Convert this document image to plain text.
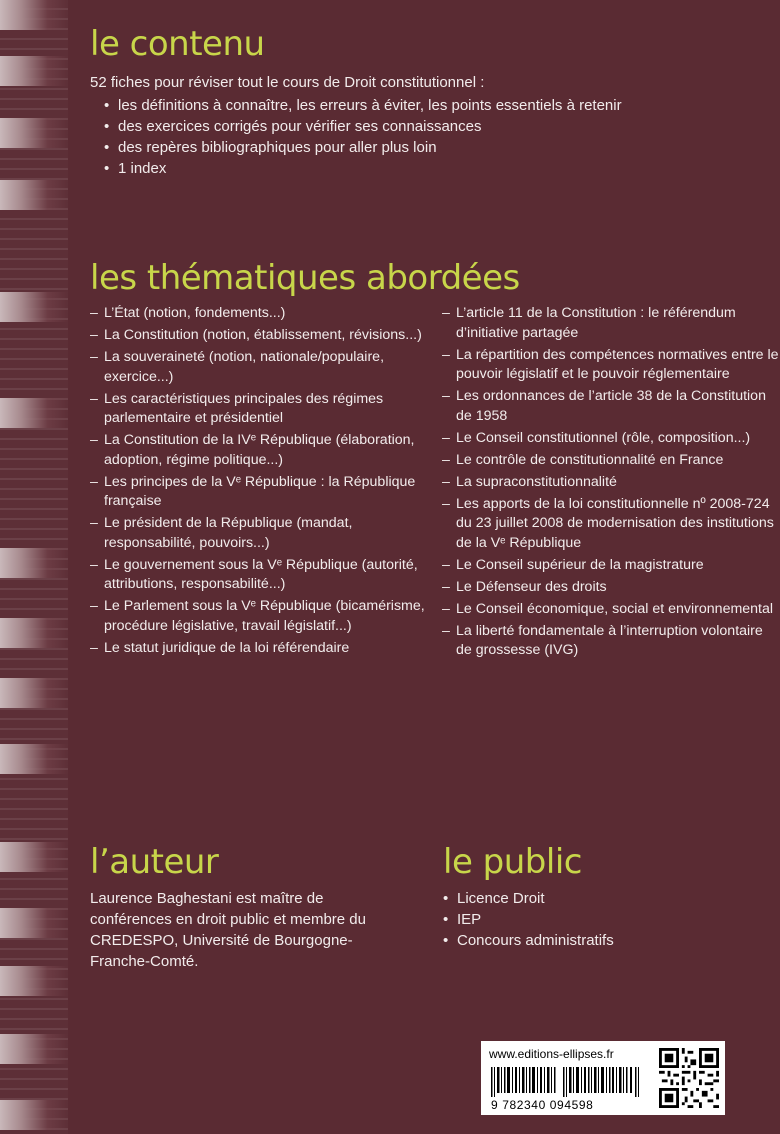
le contenu
52 fiches pour réviser tout le cours de Droit constitutionnel :
• les définitions à connaître, les erreurs à éviter, les points essentiels à retenir
• des exercices corrigés pour vérifier ses connaissances
• des repères bibliographiques pour aller plus loin
• 1 index
les thématiques abordées
– L’État (notion, fondements...)
– La Constitution (notion, établissement, révisions...)
– La souveraineté (notion, nationale/populaire, exercice...)
– Les caractéristiques principales des régimes parlementaire et présidentiel
– La Constitution de la IVᵉ République (élaboration, adoption, régime politique...)
– Les principes de la Vᵉ République : la République française
– Le président de la République (mandat, responsabilité, pouvoirs...)
– Le gouvernement sous la Vᵉ République (autorité, attributions, responsabilité...)
– Le Parlement sous la Vᵉ République (bicamérisme, procédure législative, travail législatif...)
– Le statut juridique de la loi référendaire
– L’article 11 de la Constitution : le référendum d’initiative partagée
– La répartition des compétences normatives entre le pouvoir législatif et le pouvoir réglementaire
– Les ordonnances de l’article 38 de la Constitution de 1958
– Le Conseil constitutionnel (rôle, composition...)
– Le contrôle de constitutionnalité en France
– La supraconstitutionnalité
– Les apports de la loi constitutionnelle nº 2008-724 du 23 juillet 2008 de modernisation des institutions de la Vᵉ République
– Le Conseil supérieur de la magistrature
– Le Défenseur des droits
– Le Conseil économique, social et environnemental
– La liberté fondamentale à l’interruption volontaire de grossesse (IVG)
l’auteur
Laurence Baghestani est maître de conférences en droit public et membre du CREDESPO, Université de Bourgogne-Franche-Comté.
le public
• Licence Droit
• IEP
• Concours administratifs
www.editions-ellipses.fr
9 782340 094598
